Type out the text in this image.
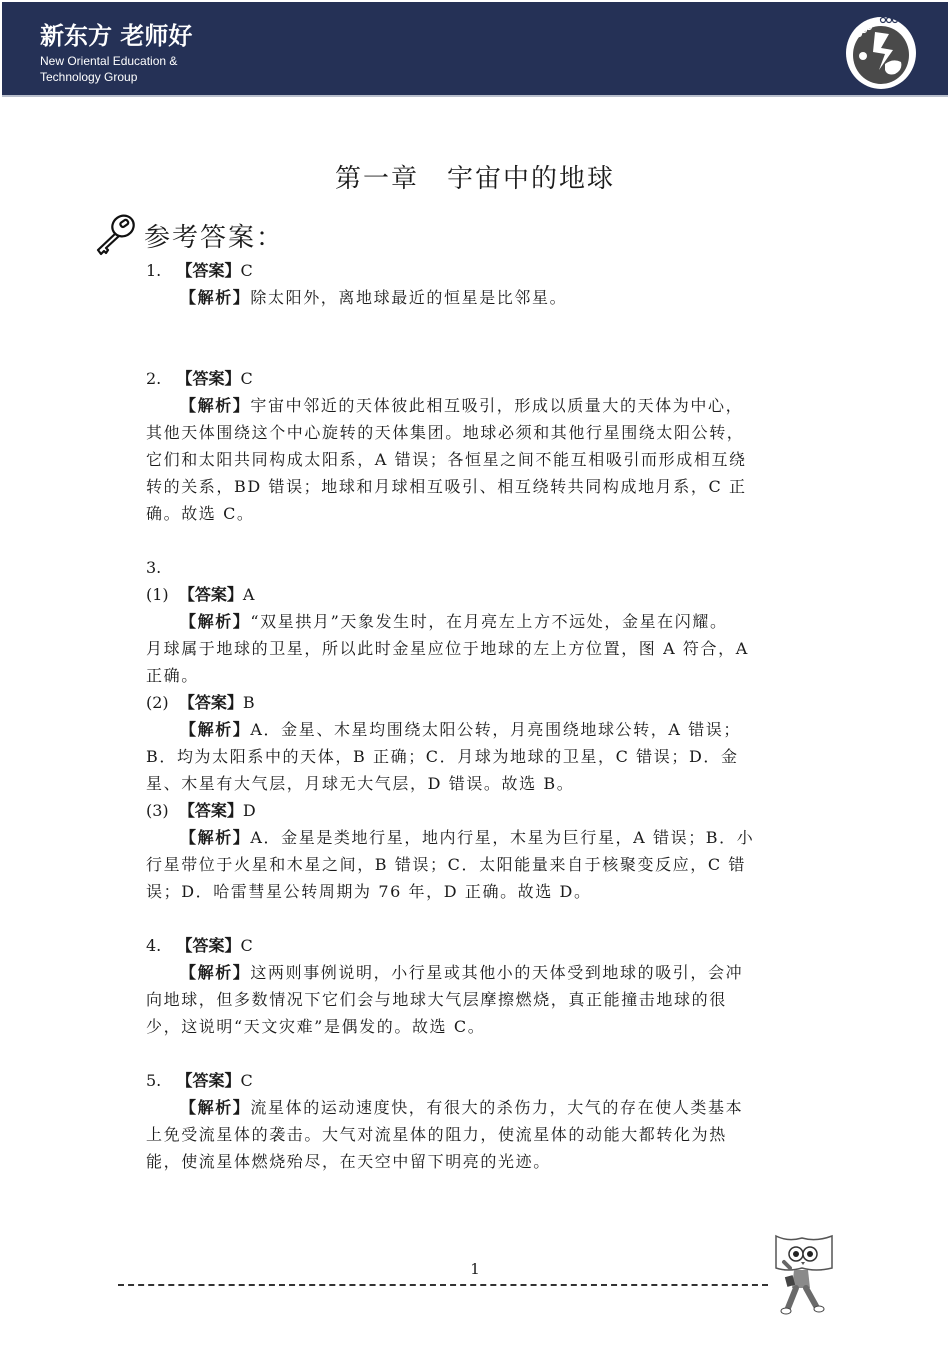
新东方 老师好
New Oriental Education &
Technology Group
第一章　宇宙中的地球
参考答案：
1. 【答案】C
【解析】除太阳外，离地球最近的恒星是比邻星。
2. 【答案】C
【解析】宇宙中邻近的天体彼此相互吸引，形成以质量大的天体为中心，
其他天体围绕这个中心旋转的天体集团。地球必须和其他行星围绕太阳公转，
它们和太阳共同构成太阳系，A 错误；各恒星之间不能互相吸引而形成相互绕
转的关系，BD 错误；地球和月球相互吸引、相互绕转共同构成地月系，C 正
确。故选 C。
3.
(1) 【答案】A
【解析】“双星拱月”天象发生时，在月亮左上方不远处，金星在闪耀。
月球属于地球的卫星，所以此时金星应位于地球的左上方位置，图 A 符合，A
正确。
(2) 【答案】B
【解析】A．金星、木星均围绕太阳公转，月亮围绕地球公转，A 错误；
B．均为太阳系中的天体，B 正确；C．月球为地球的卫星，C 错误；D．金
星、木星有大气层，月球无大气层，D 错误。故选 B。
(3) 【答案】D
【解析】A．金星是类地行星，地内行星，木星为巨行星，A 错误；B．小
行星带位于火星和木星之间，B 错误；C．太阳能量来自于核聚变反应，C 错
误；D．哈雷彗星公转周期为 76 年，D 正确。故选 D。
4. 【答案】C
【解析】这两则事例说明，小行星或其他小的天体受到地球的吸引，会冲
向地球，但多数情况下它们会与地球大气层摩擦燃烧，真正能撞击地球的很
少，这说明“天文灾难”是偶发的。故选 C。
5. 【答案】C
【解析】流星体的运动速度快，有很大的杀伤力，大气的存在使人类基本
上免受流星体的袭击。大气对流星体的阻力，使流星体的动能大都转化为热
能，使流星体燃烧殆尽，在天空中留下明亮的光迹。
1
